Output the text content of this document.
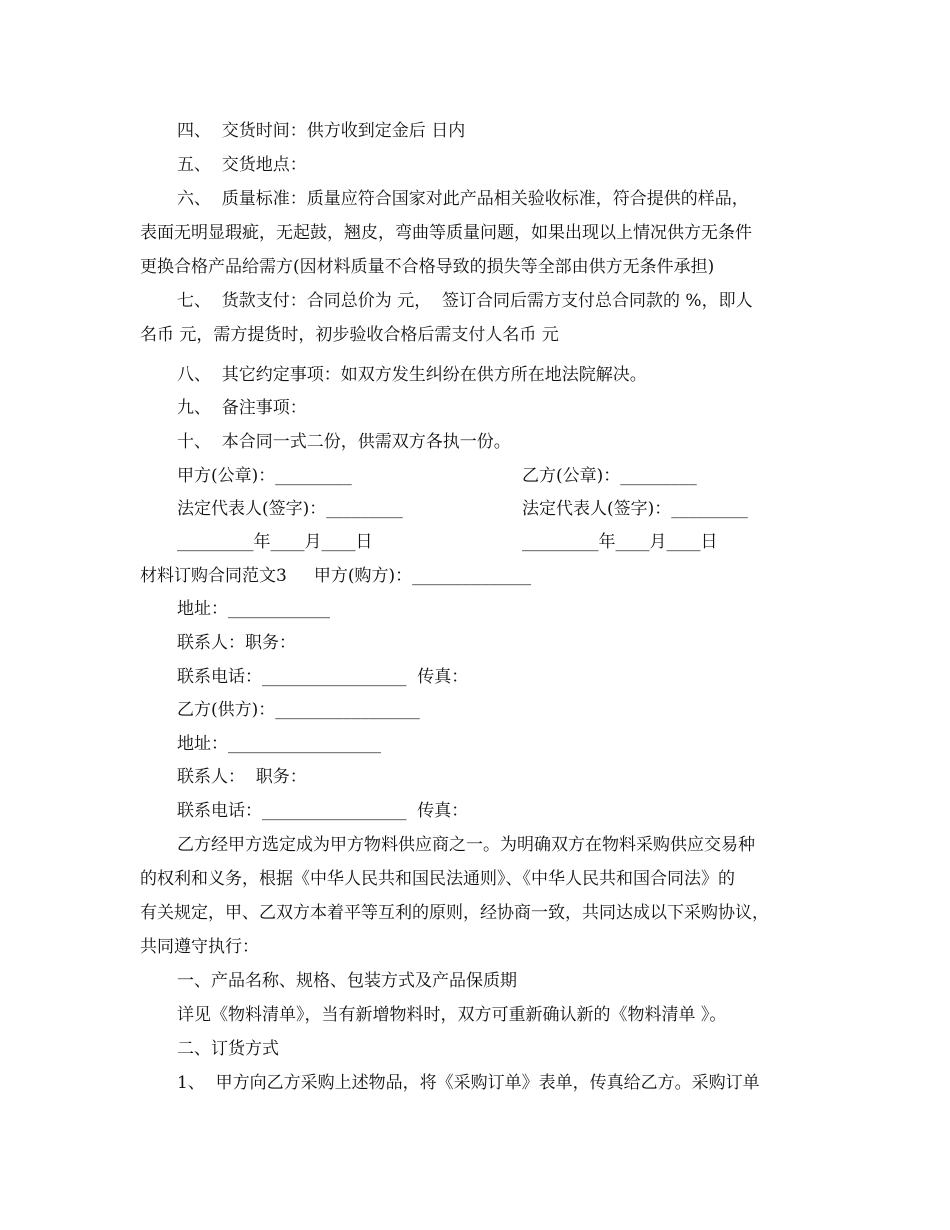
四、  交货时间：供方收到定金后 日内
五、  交货地点：
六、  质量标准：质量应符合国家对此产品相关验收标准，符合提供的样品，
表面无明显瑕疵，无起鼓，翘皮，弯曲等质量问题，如果出现以上情况供方无条件
更换合格产品给需方(因材料质量不合格导致的损失等全部由供方无条件承担)
七、  货款支付：合同总价为 元，  签订合同后需方支付总合同款的 %，即人
名币 元，需方提货时，初步验收合格后需支付人名币 元
八、  其它约定事项：如双方发生纠纷在供方所在地法院解决。
九、  备注事项：
十、  本合同一式二份，供需双方各执一份。
甲方(公章)：_________	乙方(公章)：_________
法定代表人(签字)：_________	法定代表人(签字)：_________
_________年____月____日	_________年____月____日
材料订购合同范文3     甲方(购方)：______________
地址：____________
联系人：职务：
联系电话：_________________  传真：
乙方(供方)：_________________
地址：__________________
联系人：  职务：
联系电话：_________________  传真：
乙方经甲方选定成为甲方物料供应商之一。为明确双方在物料采购供应交易种
的权利和义务，根据《中华人民共和国民法通则》、《中华人民共和国合同法》的
有关规定，甲、乙双方本着平等互利的原则，经协商一致，共同达成以下采购协议，
共同遵守执行：
一、产品名称、规格、包装方式及产品保质期
详见《物料清单》，当有新增物料时，双方可重新确认新的《物料清单 》。
二、订货方式
1、  甲方向乙方采购上述物品，将《采购订单》表单，传真给乙方。采购订单
